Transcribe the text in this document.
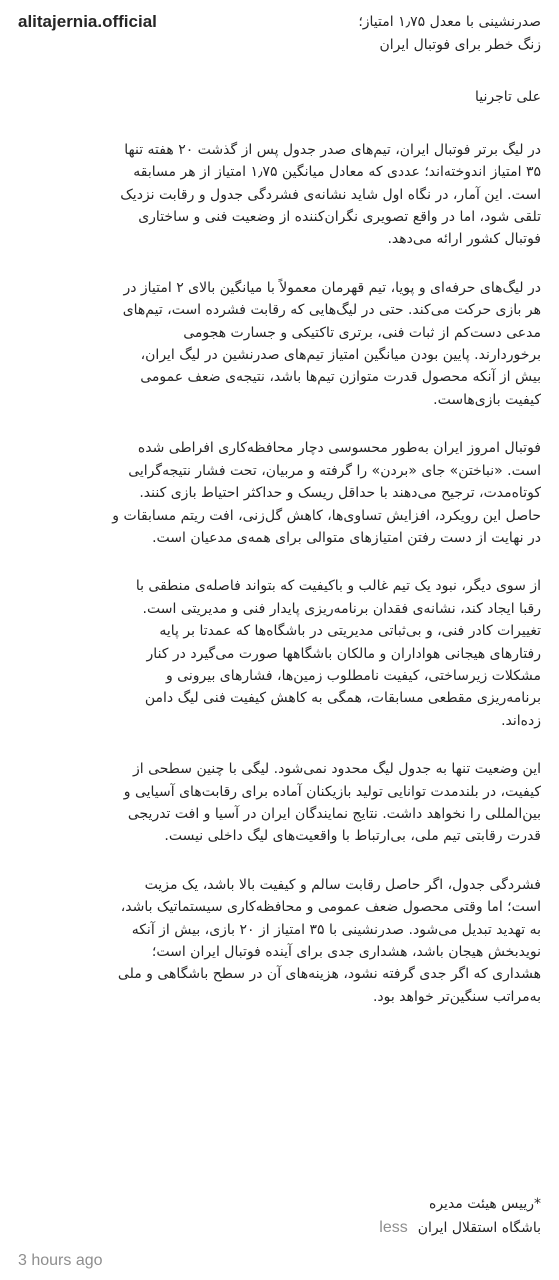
alitajernia.official	صدرنشینی با معدل ۱٫۷۵ امتیاز؛
زنگ خطر برای فوتبال ایران
علی تاجرنیا
در لیگ برتر فوتبال ایران، تیم‌های صدر جدول پس از گذشت ۲۰ هفته تنها
۳۵ امتیاز اندوخته‌اند؛ عددی که معادل میانگین ۱٫۷۵ امتیاز از هر مسابقه
است. این آمار، در نگاه اول شاید نشانه‌ی فشردگی جدول و رقابت نزدیک
تلقی شود، اما در واقع تصویری نگران‌کننده از وضعیت فنی و ساختاری
فوتبال کشور ارائه می‌دهد.
در لیگ‌های حرفه‌ای و پویا، تیم قهرمان معمولاً با میانگین بالای ۲ امتیاز در
هر بازی حرکت می‌کند. حتی در لیگ‌هایی که رقابت فشرده است، تیم‌های
مدعی دست‌کم از ثبات فنی، برتری تاکتیکی و جسارت هجومی
برخوردارند. پایین بودن میانگین امتیاز تیم‌های صدرنشین در لیگ ایران،
بیش از آنکه محصول قدرت متوازن تیم‌ها باشد، نتیجه‌ی ضعف عمومی
کیفیت بازی‌هاست.
فوتبال امروز ایران به‌طور محسوسی دچار محافظه‌کاری افراطی شده
است. «نباختن» جای «بردن» را گرفته و مربیان، تحت فشار نتیجه‌گرایی
کوتاه‌مدت، ترجیح می‌دهند با حداقل ریسک و حداکثر احتیاط بازی کنند.
حاصل این رویکرد، افزایش تساوی‌ها، کاهش گل‌زنی، افت ریتم مسابقات و
در نهایت از دست رفتن امتیازهای متوالی برای همه‌ی مدعیان است.
از سوی دیگر، نبود یک تیم غالب و باکیفیت که بتواند فاصله‌ی منطقی با
رقبا ایجاد کند، نشانه‌ی فقدان برنامه‌ریزی پایدار فنی و مدیریتی است.
تغییرات کادر فنی، و بی‌ثباتی مدیریتی در باشگاه‌ها که عمدتا بر پایه
رفتارهای هیجانی هواداران و مالکان باشگاهها صورت می‌گیرد در کنار
مشکلات زیرساختی، کیفیت نامطلوب زمین‌ها، فشارهای بیرونی و
برنامه‌ریزی مقطعی مسابقات، همگی به کاهش کیفیت فنی لیگ دامن
زده‌اند.
این وضعیت تنها به جدول لیگ محدود نمی‌شود. لیگی با چنین سطحی از
کیفیت، در بلندمدت توانایی تولید بازیکنان آماده برای رقابت‌های آسیایی و
بین‌المللی را نخواهد داشت. نتایج نمایندگان ایران در آسیا و افت تدریجی
قدرت رقابتی تیم ملی، بی‌ارتباط با واقعیت‌های لیگ داخلی نیست.
فشردگی جدول، اگر حاصل رقابت سالم و کیفیت بالا باشد، یک مزیت
است؛ اما وقتی محصول ضعف عمومی و محافظه‌کاری سیستماتیک باشد،
به تهدید تبدیل می‌شود. صدرنشینی با ۳۵ امتیاز از ۲۰ بازی، بیش از آنکه
نویدبخش هیجان باشد، هشداری جدی برای آینده فوتبال ایران است؛
هشداری که اگر جدی گرفته نشود، هزینه‌های آن در سطح باشگاهی و ملی
به‌مراتب سنگین‌تر خواهد بود.
*رییس هیئت مدیره
باشگاه استقلال ایرانless
3 hours ago
